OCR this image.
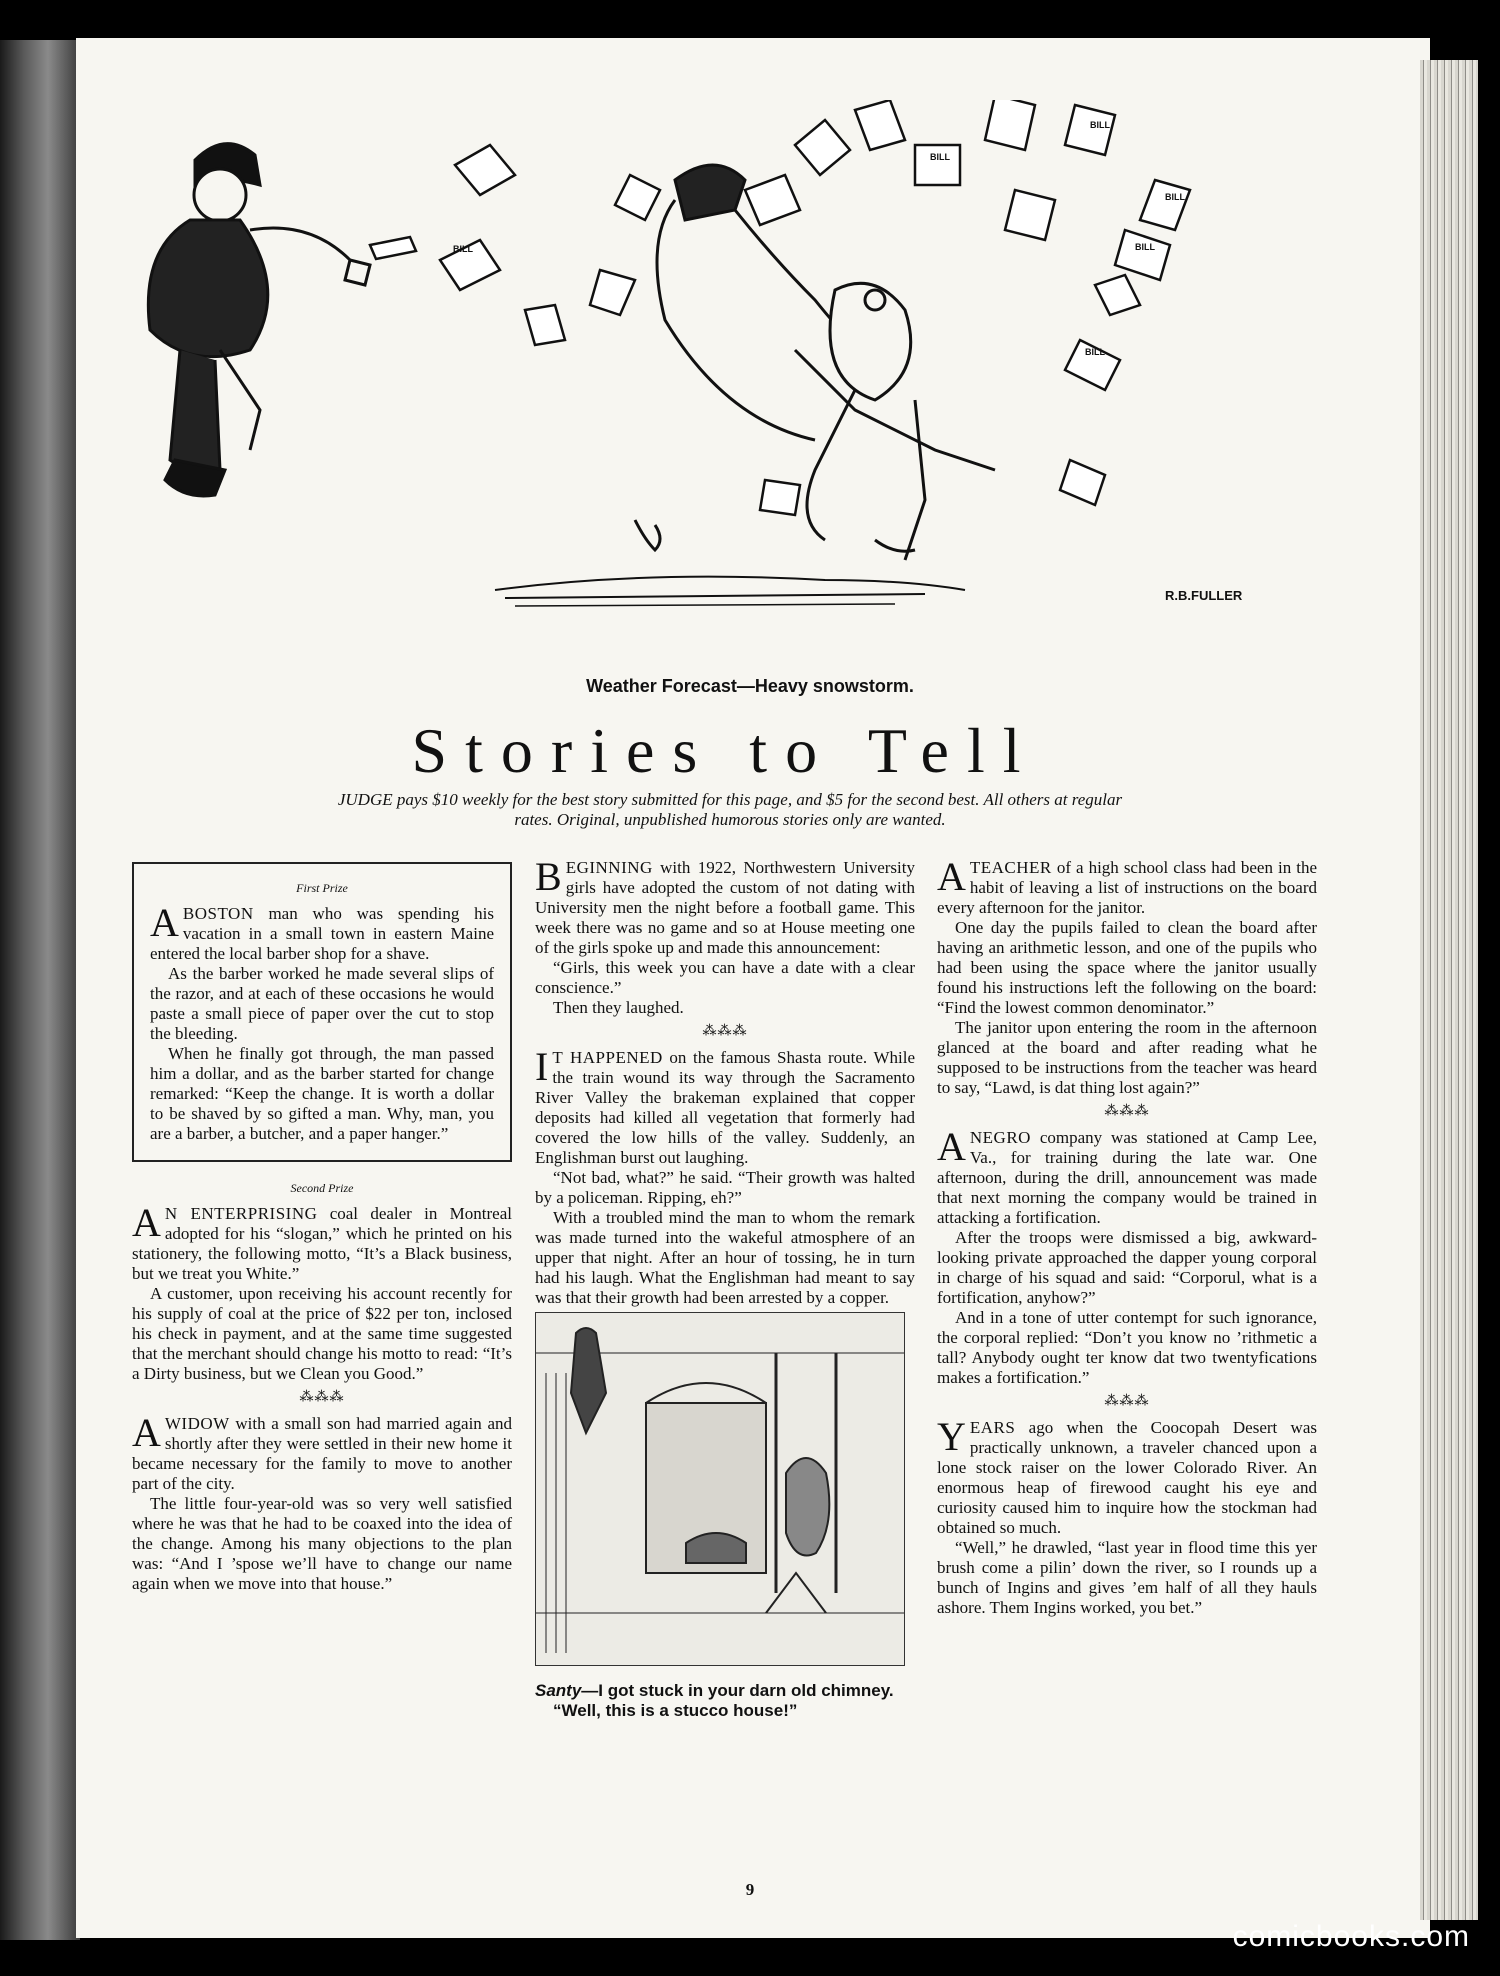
BILL
BILL
BILL
BILL
BILL
BILL
R.B.FULLER
Weather Forecast—Heavy snowstorm.
Stories to Tell
JUDGE pays $10 weekly for the best story submitted for this page, and $5 for the second best. All others at regular rates. Original, unpublished humorous stories only are wanted.
First Prize

ABOSTON man who was spending his vacation in a small town in eastern Maine entered the local barber shop for a shave.

As the barber worked he made several slips of the razor, and at each of these occasions he would paste a small piece of paper over the cut to stop the bleeding.

When he finally got through, the man passed him a dollar, and as the barber started for change remarked: “Keep the change. It is worth a dollar to be shaved by so gifted a man. Why, man, you are a barber, a butcher, and a paper hanger.”

Second Prize

A N ENTERPRISING coal dealer in Montreal adopted for his “slogan,” which he printed on his stationery, the following motto, “It’s a Black business, but we treat you White.”

A customer, upon receiving his account recently for his supply of coal at the price of $22 per ton, inclosed his check in payment, and at the same time suggested that the merchant should change his motto to read: “It’s a Dirty business, but we Clean you Good.”

⁂⁂⁂

AWIDOW with a small son had married again and shortly after they were settled in their new home it became necessary for the family to move to another part of the city.

The little four-year-old was so very well satisfied where he was that he had to be coaxed into the idea of the change. Among his many objections to the plan was: “And I ’spose we’ll have to change our name again when we move into that house.”

BEGINNING with 1922, Northwestern University girls have adopted the custom of not dating with University men the night before a football game. This week there was no game and so at House meeting one of the girls spoke up and made this announcement:

“Girls, this week you can have a date with a clear conscience.”

Then they laughed.

⁂⁂⁂

I T HAPPENED on the famous Shasta route. While the train wound its way through the Sacramento River Valley the brakeman explained that copper deposits had killed all vegetation that formerly had covered the low hills of the valley. Suddenly, an Englishman burst out laughing.

“Not bad, what?” he said. “Their growth was halted by a policeman. Ripping, eh?”

With a troubled mind the man to whom the remark was made turned into the wakeful atmosphere of an upper that night. After an hour of tossing, he in turn had his laugh. What the Englishman had meant to say was that their growth had been arrested by a copper.

Santy—I got stuck in your darn old chimney.
“Well, this is a stucco house!”

ATEACHER of a high school class had been in the habit of leaving a list of instructions on the board every afternoon for the janitor.

One day the pupils failed to clean the board after having an arithmetic lesson, and one of the pupils who had been using the space where the janitor usually found his instructions left the following on the board: “Find the lowest common denominator.”

The janitor upon entering the room in the afternoon glanced at the board and after reading what he supposed to be instructions from the teacher was heard to say, “Lawd, is dat thing lost again?”

⁂⁂⁂

ANEGRO company was stationed at Camp Lee, Va., for training during the late war. One afternoon, during the drill, announcement was made that next morning the company would be trained in attacking a fortification.

After the troops were dismissed a big, awkward-looking private approached the dapper young corporal in charge of his squad and said: “Corporul, what is a fortification, anyhow?”

And in a tone of utter contempt for such ignorance, the corporal replied: “Don’t you know no ’rithmetic a tall? Anybody ought ter know dat two twentyfications makes a fortification.”

⁂⁂⁂

YEARS ago when the Coocopah Desert was practically unknown, a traveler chanced upon a lone stock raiser on the lower Colorado River. An enormous heap of firewood caught his eye and curiosity caused him to inquire how the stockman had obtained so much.

“Well,” he drawled, “last year in flood time this yer brush come a pilin’ down the river, so I rounds up a bunch of Ingins and gives ’em half of all they hauls ashore. Them Ingins worked, you bet.”

9
comicbooks.com
